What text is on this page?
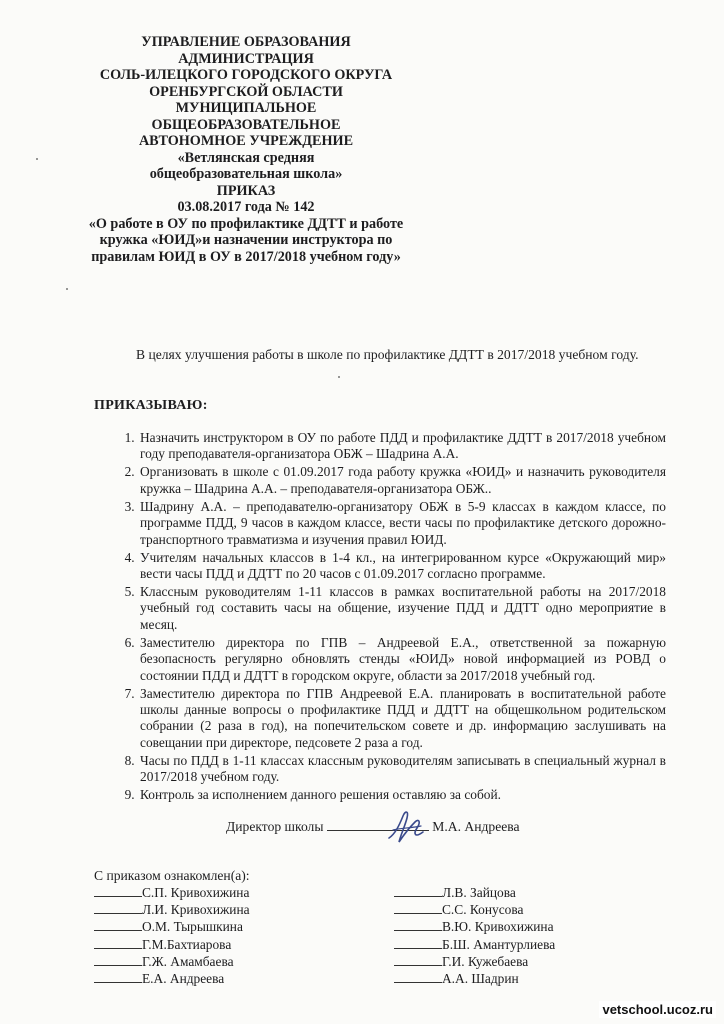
УПРАВЛЕНИЕ ОБРАЗОВАНИЯ
АДМИНИСТРАЦИЯ
СОЛЬ-ИЛЕЦКОГО ГОРОДСКОГО ОКРУГА
ОРЕНБУРГСКОЙ ОБЛАСТИ
МУНИЦИПАЛЬНОЕ
ОБЩЕОБРАЗОВАТЕЛЬНОЕ
АВТОНОМНОЕ УЧРЕЖДЕНИЕ
«Ветлянская средняя
общеобразовательная школа»
ПРИКАЗ
03.08.2017 года № 142
«О работе в ОУ по профилактике ДДТТ и работе
кружка «ЮИД»и назначении инструктора по
правилам ЮИД в ОУ в 2017/2018 учебном году»

В целях улучшения работы в школе по профилактике ДДТТ в 2017/2018 учебном году.

ПРИКАЗЫВАЮ:
1. Назначить инструктором в ОУ по работе ПДД и профилактике ДДТТ в 2017/2018 учебном году преподавателя-организатора ОБЖ – Шадрина А.А.
2. Организовать в школе с 01.09.2017 года работу кружка «ЮИД» и назначить руководителя кружка – Шадрина А.А. – преподавателя-организатора ОБЖ..
3. Шадрину А.А. – преподавателю-организатору ОБЖ в 5-9 классах в каждом классе, по программе ПДД, 9 часов в каждом классе, вести часы по профилактике детского дорожно-транспортного травматизма и изучения правил ЮИД.
4. Учителям начальных классов в 1-4 кл., на интегрированном курсе «Окружающий мир» вести часы ПДД и ДДТТ по 20 часов с 01.09.2017 согласно программе.
5. Классным руководителям 1-11 классов в рамках воспитательной работы на 2017/2018 учебный год составить часы на общение, изучение ПДД и ДДТТ одно мероприятие в месяц.
6. Заместителю директора по ГПВ – Андреевой Е.А., ответственной за пожарную безопасность регулярно обновлять стенды «ЮИД» новой информацией из РОВД о состоянии ПДД и ДДТТ в городском округе, области за 2017/2018 учебный год.
7. Заместителю директора по ГПВ Андреевой Е.А. планировать в воспитательной работе школы данные вопросы о профилактике ПДД и ДДТТ на общешкольном родительском собрании (2 раза в год), на попечительском совете и др. информацию заслушивать на совещании при директоре, педсовете 2 раза а год.
8. Часы по ПДД в 1-11 классах классным руководителям записывать в специальный журнал в 2017/2018 учебном году.
9. Контроль за исполнением данного решения оставляю за собой.
Директор школы	М.А. Андреева
С приказом ознакомлен(а):
С.П. Кривохижина
Л.И. Кривохижина
О.М. Тырышкина
Г.М.Бахтиарова
Г.Ж. Амамбаева
Е.А. Андреева
Л.В. Зайцова
С.С. Конусова
В.Ю. Кривохижина
Б.Ш. Амантурлиева
Г.И. Кужебаева
А.А. Шадрин
vetschool.ucoz.ru
